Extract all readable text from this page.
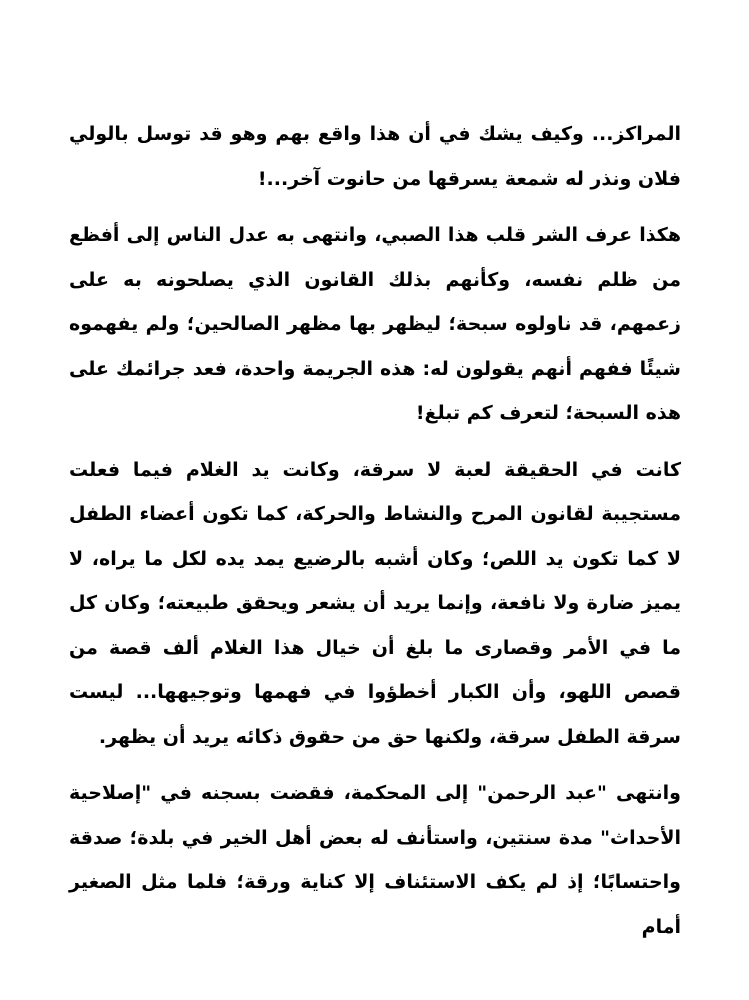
المراكز... وكيف يشك في أن هذا واقع بهم وهو قد توسل بالولي فلان ونذر له شمعة يسرقها من حانوت آخر...!

هكذا عرف الشر قلب هذا الصبي، وانتهى به عدل الناس إلى أفظع من ظلم نفسه، وكأنهم بذلك القانون الذي يصلحونه به على زعمهم، قد ناولوه سبحة؛ ليظهر بها مظهر الصالحين؛ ولم يفهموه شيئًا ففهم أنهم يقولون له: هذه الجريمة واحدة، فعد جرائمك على هذه السبحة؛ لتعرف كم تبلغ!

كانت في الحقيقة لعبة لا سرقة، وكانت يد الغلام فيما فعلت مستجيبة لقانون المرح والنشاط والحركة، كما تكون أعضاء الطفل لا كما تكون يد اللص؛ وكان أشبه بالرضيع يمد يده لكل ما يراه، لا يميز ضارة ولا نافعة، وإنما يريد أن يشعر ويحقق طبيعته؛ وكان كل ما في الأمر وقصارى ما بلغ أن خيال هذا الغلام ألف قصة من قصص اللهو، وأن الكبار أخطؤوا في فهمها وتوجيهها... ليست سرقة الطفل سرقة، ولكنها حق من حقوق ذكائه يريد أن يظهر.

وانتهى "عبد الرحمن" إلى المحكمة، فقضت بسجنه في "إصلاحية الأحداث" مدة سنتين، واستأنف له بعض أهل الخير في بلدة؛ صدقة واحتسابًا؛ إذ لم يكف الاستئناف إلا كناية ورقة؛ فلما مثل الصغير أمام
